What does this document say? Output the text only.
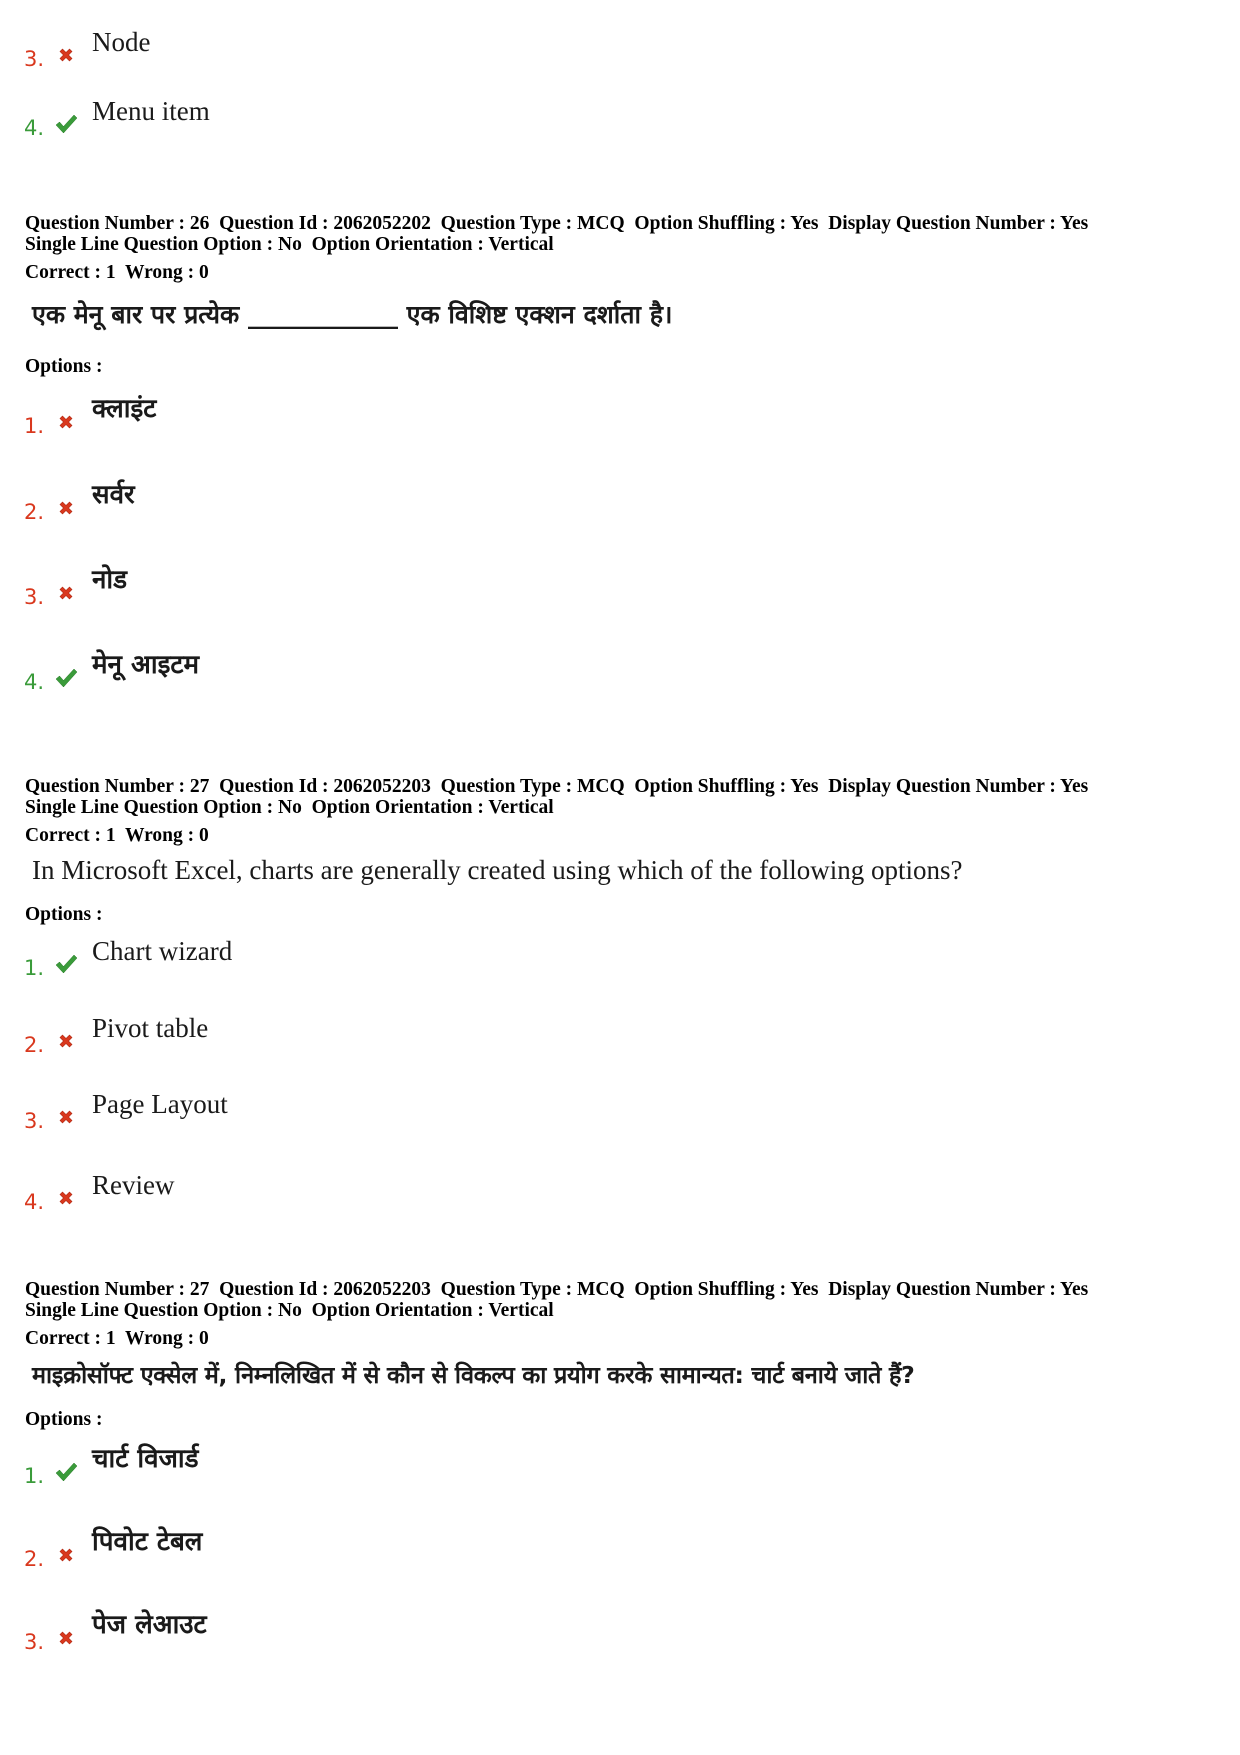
3.
Node
4.
Menu item
Question Number : 26  Question Id : 2062052202  Question Type : MCQ  Option Shuffling : Yes  Display Question Number : Yes
Single Line Question Option : No  Option Orientation : Vertical
Correct : 1  Wrong : 0
एक मेनू बार पर प्रत्येक ____________ एक विशिष्ट एक्शन दर्शाता है।
Options :
1.
क्लाइंट
2.
सर्वर
3.
नोड
4.
मेनू आइटम
Question Number : 27  Question Id : 2062052203  Question Type : MCQ  Option Shuffling : Yes  Display Question Number : Yes
Single Line Question Option : No  Option Orientation : Vertical
Correct : 1  Wrong : 0
In Microsoft Excel, charts are generally created using which of the following options?
Options :
1.
Chart wizard
2.
Pivot table
3.
Page Layout
4.
Review
Question Number : 27  Question Id : 2062052203  Question Type : MCQ  Option Shuffling : Yes  Display Question Number : Yes
Single Line Question Option : No  Option Orientation : Vertical
Correct : 1  Wrong : 0
माइक्रोसॉफ्ट एक्सेल में, निम्नलिखित में से कौन से विकल्प का प्रयोग करके सामान्यत: चार्ट बनाये जाते हैं?
Options :
1.
चार्ट विजार्ड
2.
पिवोट टेबल
3.
पेज लेआउट
